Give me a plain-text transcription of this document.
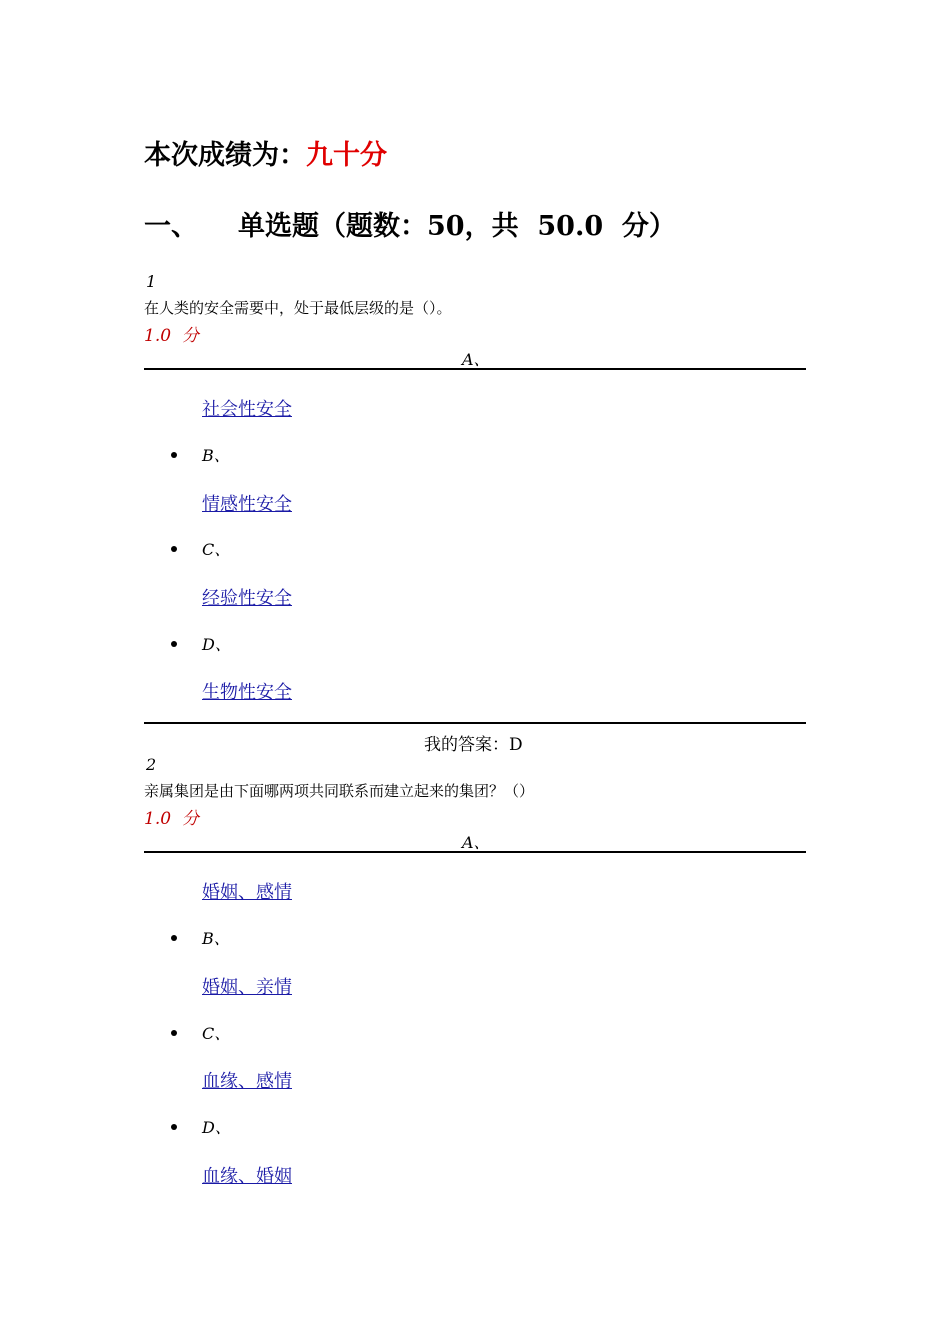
本次成绩为：九十分
一、 单选题（题数：50，共  50.0  分）
1
在人类的安全需要中，处于最低层级的是（）。
1.0  分
A、
社会性安全
B、
情感性安全
C、
经验性安全
D、
生物性安全
我的答案：D
2
亲属集团是由下面哪两项共同联系而建立起来的集团？（）
1.0  分
A、
婚姻、感情
B、
婚姻、亲情
C、
血缘、感情
D、
血缘、婚姻
